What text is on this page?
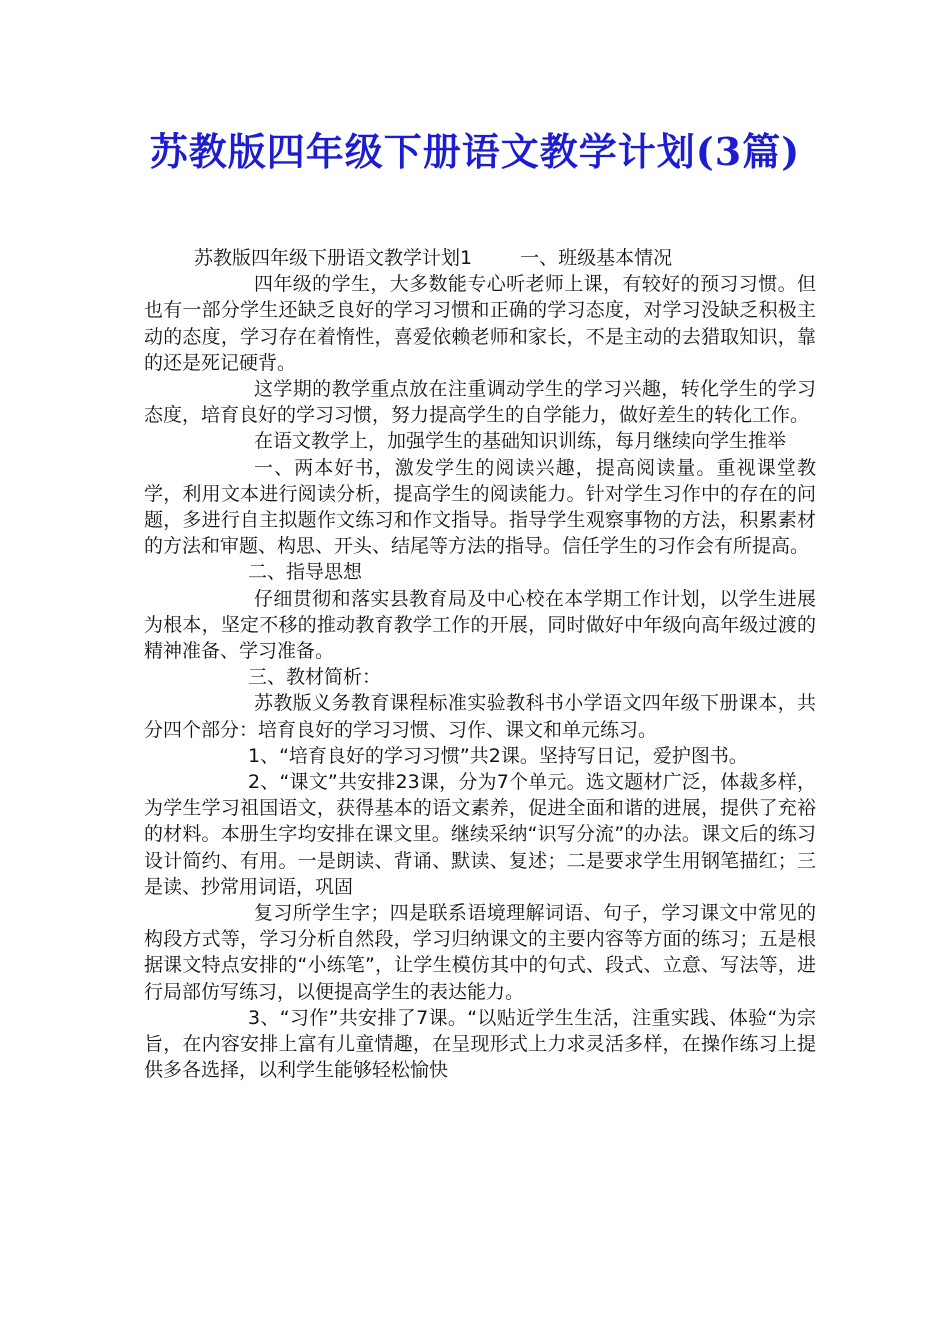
苏教版四年级下册语文教学计划(3篇)

苏教版四年级下册语文教学计划1	一、班级基本情况

四年级的学生，大多数能专心听老师上课，有较好的预习习惯。但也有一部分学生还缺乏良好的学习习惯和正确的学习态度，对学习没缺乏积极主动的态度，学习存在着惰性，喜爱依赖老师和家长，不是主动的去猎取知识，靠的还是死记硬背。

这学期的教学重点放在注重调动学生的学习兴趣，转化学生的学习态度，培育良好的学习习惯，努力提高学生的自学能力，做好差生的转化工作。

在语文教学上，加强学生的基础知识训练，每月继续向学生推举

一、两本好书，激发学生的阅读兴趣，提高阅读量。重视课堂教学，利用文本进行阅读分析，提高学生的阅读能力。针对学生习作中的存在的问题，多进行自主拟题作文练习和作文指导。指导学生观察事物的方法，积累素材的方法和审题、构思、开头、结尾等方法的指导。信任学生的习作会有所提高。

二、指导思想

仔细贯彻和落实县教育局及中心校在本学期工作计划，以学生进展为根本，坚定不移的推动教育教学工作的开展，同时做好中年级向高年级过渡的精神准备、学习准备。

三、教材简析：

苏教版义务教育课程标准实验教科书小学语文四年级下册课本，共分四个部分：培育良好的学习习惯、习作、课文和单元练习。

1、“培育良好的学习习惯”共2课。坚持写日记，爱护图书。

2、“课文”共安排23课，分为7个单元。选文题材广泛，体裁多样，为学生学习祖国语文，获得基本的语文素养，促进全面和谐的进展，提供了充裕的材料。本册生字均安排在课文里。继续采纳“识写分流”的办法。课文后的练习设计简约、有用。一是朗读、背诵、默读、复述；二是要求学生用钢笔描红；三是读、抄常用词语，巩固

复习所学生字；四是联系语境理解词语、句子，学习课文中常见的构段方式等，学习分析自然段，学习归纳课文的主要内容等方面的练习；五是根据课文特点安排的“小练笔”，让学生模仿其中的句式、段式、立意、写法等，进行局部仿写练习，以便提高学生的表达能力。

3、“习作”共安排了7课。“以贴近学生生活，注重实践、体验“为宗旨，在内容安排上富有儿童情趣，在呈现形式上力求灵活多样，在操作练习上提供多各选择，以利学生能够轻松愉快
